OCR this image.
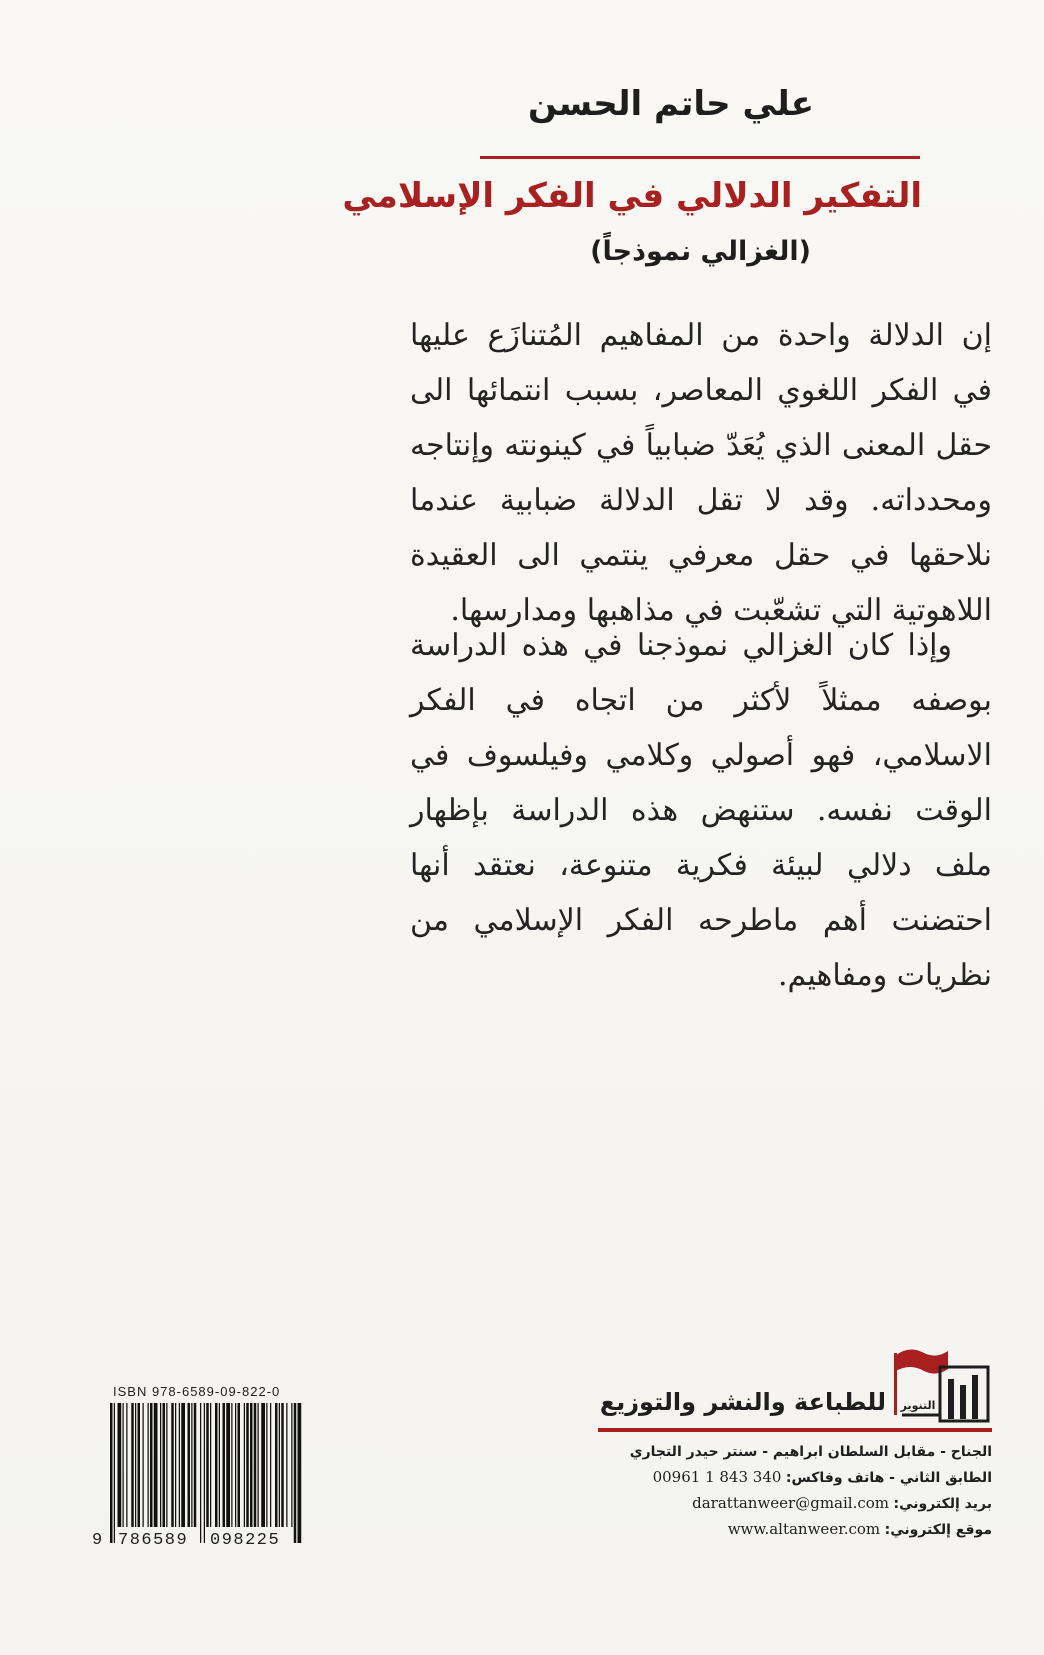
علي حاتم الحسن
التفكير الدلالي في الفكر الإسلامي
(الغزالي نموذجاً)

إن الدلالة واحدة من المفاهيم المُتنازَع عليها في الفكر اللغوي المعاصر، بسبب انتمائها الى حقل المعنى الذي يُعَدّ ضبابياً في كينونته وإنتاجه ومحدداته. وقد لا تقل الدلالة ضبابية عندما نلاحقها في حقل معرفي ينتمي الى العقيدة اللاهوتية التي تشعّبت في مذاهبها ومدارسها.

وإذا كان الغزالي نموذجنا في هذه الدراسة بوصفه ممثلاً لأكثر من اتجاه في الفكر الاسلامي، فهو أصولي وكلامي وفيلسوف في الوقت نفسه. ستنهض هذه الدراسة بإظهار ملف دلالي لبيئة فكرية متنوعة، نعتقد أنها احتضنت أهم ماطرحه الفكر الإسلامي من نظريات ومفاهيم.

التنوير
للطباعة والنشر والتوزيع
الجناح - مقابل السلطان ابراهيم - سنتر حيدر التجاري
الطابق الثاني - هاتف وفاكس: 00961 1 843 340
بريد إلكتروني: darattanweer@gmail.com
موقع إلكتروني: www.altanweer.com
ISBN 978-6589-09-822-0
9 786589 098225
